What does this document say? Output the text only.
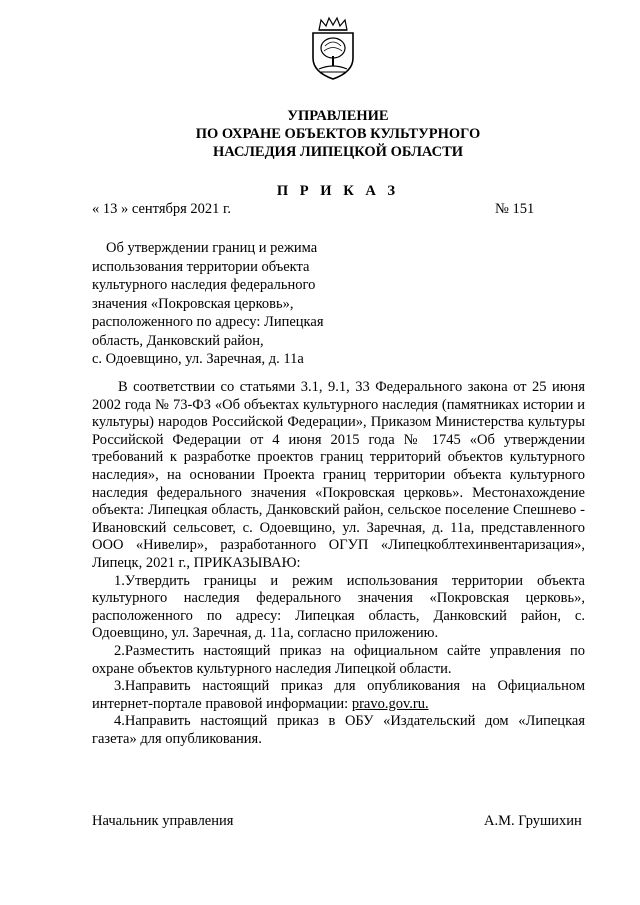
УПРАВЛЕНИЕ
ПО ОХРАНЕ ОБЪЕКТОВ КУЛЬТУРНОГО
НАСЛЕДИЯ ЛИПЕЦКОЙ ОБЛАСТИ
П Р И К А З
« 13 » сентября 2021 г.	№ 151

Об утверждении границ и режима

использования территории объекта

культурного наследия федерального

значения «Покровская церковь»,

расположенного по адресу: Липецкая

область, Данковский район,

с. Одоевщино, ул. Заречная, д. 11а

В соответствии со статьями 3.1, 9.1, 33 Федерального закона от 25 июня 2002 года № 73-ФЗ «Об объектах культурного наследия (памятниках истории и культуры) народов Российской Федерации», Приказом Министерства культуры Российской Федерации от 4 июня 2015 года № 1745 «Об утверждении требований к разработке проектов границ территорий объектов культурного наследия», на основании Проекта границ территории объекта культурного наследия федерального значения «Покровская церковь». Местонахождение объекта: Липецкая область, Данковский район, сельское поселение Спешнево - Ивановский сельсовет, с. Одоевщино, ул. Заречная, д. 11а, представленного ООО «Нивелир», разработанного ОГУП «Липецкоблтехинвентаризация», Липецк, 2021 г., ПРИКАЗЫВАЮ:

1.Утвердить границы и режим использования территории объекта культурного наследия федерального значения «Покровская церковь», расположенного по адресу: Липецкая область, Данковский район, с. Одоевщино, ул. Заречная, д. 11а, согласно приложению.

2.Разместить настоящий приказ на официальном сайте управления по охране объектов культурного наследия Липецкой области.

3.Направить настоящий приказ для опубликования на Официальном интернет-портале правовой информации: pravo.gov.ru.

4.Направить настоящий приказ в ОБУ «Издательский дом «Липецкая газета» для опубликования.

Начальник управления	А.М. Грушихин
